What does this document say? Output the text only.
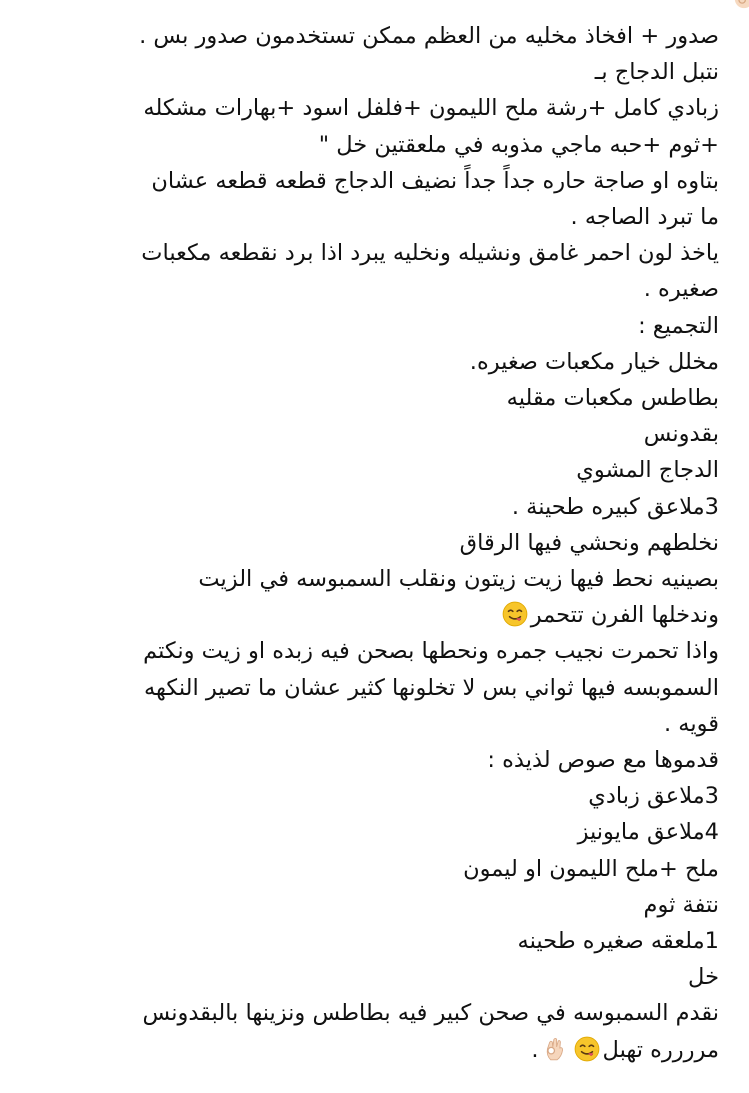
صدور + افخاذ مخليه من العظم ممكن تستخدمون صدور بس .
نتبل الدجاج بـ
زبادي كامل +رشة ملح الليمون +فلفل اسود +بهارات مشكله
+ثوم +حبه ماجي مذوبه في ملعقتين خل "
بتاوه او صاجة حاره جداً جداً نضيف الدجاج قطعه قطعه عشان
ما تبرد الصاجه .
ياخذ لون احمر غامق ونشيله ونخليه يبرد اذا برد نقطعه مكعبات
صغيره .
التجميع :
مخلل خيار مكعبات صغيره.
بطاطس مكعبات مقليه
بقدونس
الدجاج المشوي
3ملاعق كبيره طحينة .
نخلطهم ونحشي فيها الرقاق
بصينيه نحط فيها زيت زيتون ونقلب السمبوسه في الزيت
وندخلها الفرن تتحمر
واذا تحمرت نجيب جمره ونحطها بصحن فيه زبده او زيت ونكتم
السموبسه فيها ثواني بس لا تخلونها كثير عشان ما تصير النكهه
قويه .
قدموها مع صوص لذيذه :
3ملاعق زبادي
4ملاعق مايونيز
ملح +ملح الليمون او ليمون
نتفة ثوم
1ملعقه صغيره طحينه
خل
نقدم السمبوسه في صحن كبير فيه بطاطس ونزينها بالبقدونس
مرررره تهبل.
